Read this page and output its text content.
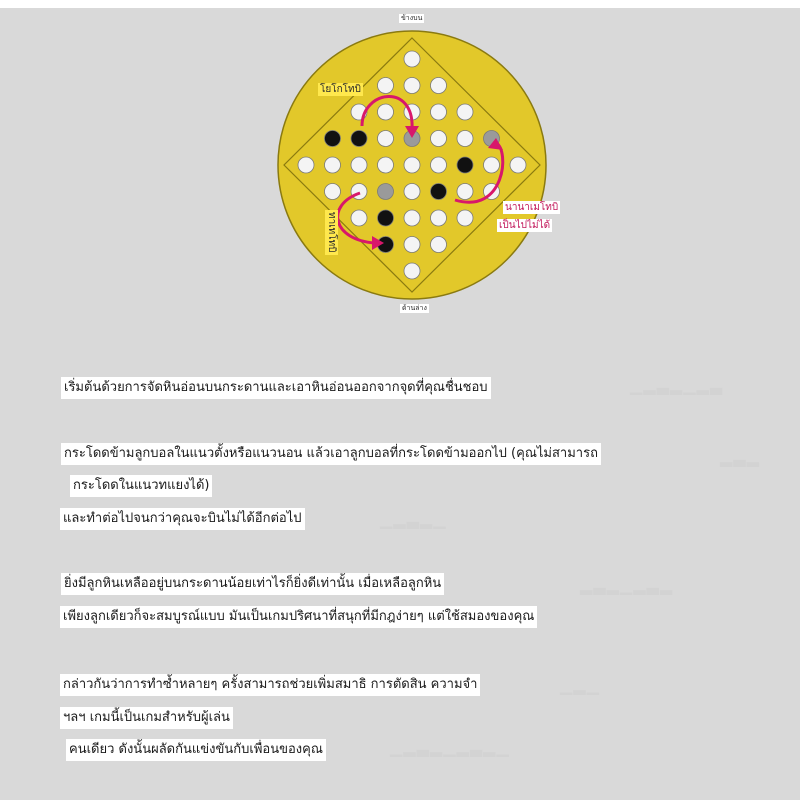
ข้างบน
ด้านล่าง
โยโกโทบิ
ทาเทโทบิ
นานาเมโทบิ
เป็นไปไม่ได้
▁▂▃▂▁▂▃
▂▃▂
▁▂▃▂▁
▂▃▂▁▂▃▂
▁▂▁
▁▂▃▂▁▂▃▂▁
เริ่มต้นด้วยการจัดหินอ่อนบนกระดานและเอาหินอ่อนออกจากจุดที่คุณชื่นชอบ
กระโดดข้ามลูกบอลในแนวตั้งหรือแนวนอน แล้วเอาลูกบอลที่กระโดดข้ามออกไป (คุณไม่สามารถ
กระโดดในแนวทแยงได้)
และทำต่อไปจนกว่าคุณจะบินไม่ได้อีกต่อไป
ยิ่งมีลูกหินเหลืออยู่บนกระดานน้อยเท่าไรก็ยิ่งดีเท่านั้น เมื่อเหลือลูกหิน
เพียงลูกเดียวก็จะสมบูรณ์แบบ มันเป็นเกมปริศนาที่สนุกที่มีกฎง่ายๆ แต่ใช้สมองของคุณ
กล่าวกันว่าการทำซ้ำหลายๆ ครั้งสามารถช่วยเพิ่มสมาธิ การตัดสิน ความจำ
ฯลฯ เกมนี้เป็นเกมสำหรับผู้เล่น
คนเดียว ดังนั้นผลัดกันแข่งขันกับเพื่อนของคุณ
